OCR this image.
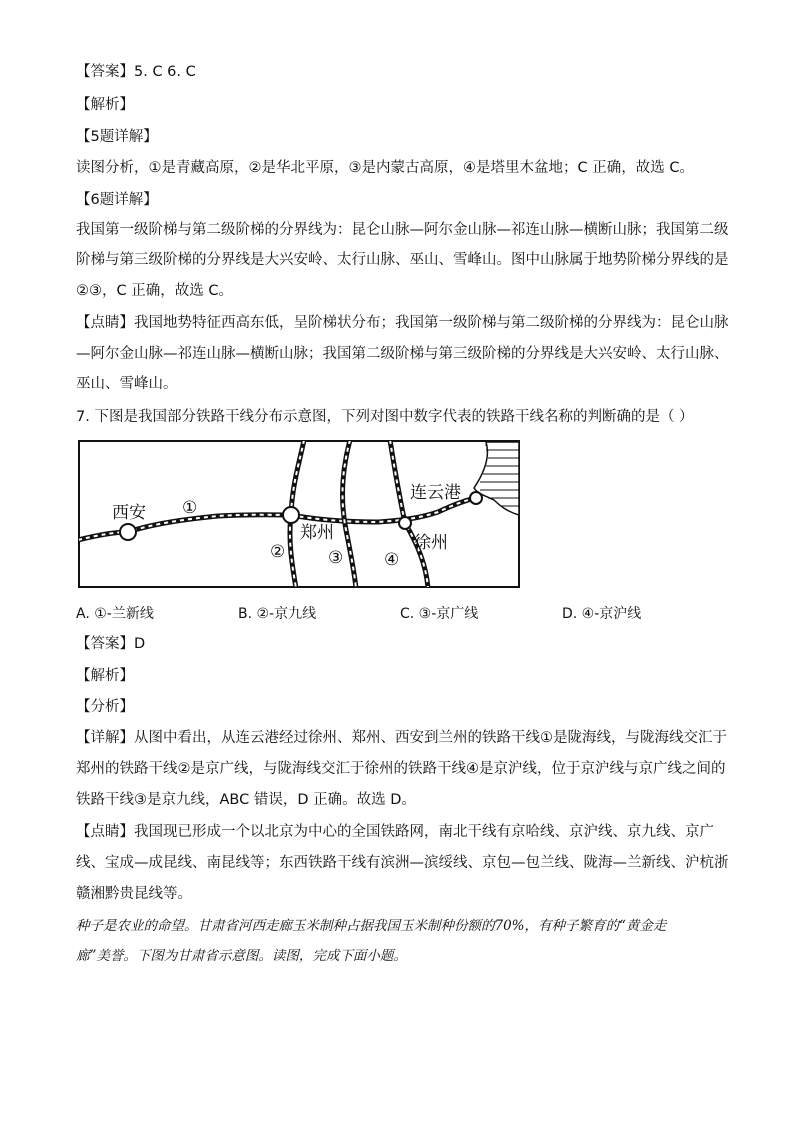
【答案】5. C 6. C
【解析】
【5题详解】
读图分析，①是青藏高原，②是华北平原，③是内蒙古高原，④是塔里木盆地；C 正确，故选 C。
【6题详解】
我国第一级阶梯与第二级阶梯的分界线为：昆仑山脉—阿尔金山脉—祁连山脉—横断山脉；我国第二级
阶梯与第三级阶梯的分界线是大兴安岭、太行山脉、巫山、雪峰山。图中山脉属于地势阶梯分界线的是
②③，C 正确，故选 C。
【点睛】我国地势特征西高东低，呈阶梯状分布；我国第一级阶梯与第二级阶梯的分界线为：昆仑山脉
—阿尔金山脉—祁连山脉—横断山脉；我国第二级阶梯与第三级阶梯的分界线是大兴安岭、太行山脉、
巫山、雪峰山。
7. 下图是我国部分铁路干线分布示意图，下列对图中数字代表的铁路干线名称的判断确的是（ ）
西安
郑州	徐州
连云港
①
②	③ ④
A. ①-兰新线	B. ②-京九线	C. ③-京广线	D. ④-京沪线
【答案】D
【解析】
【分析】
【详解】从图中看出，从连云港经过徐州、郑州、西安到兰州的铁路干线①是陇海线，与陇海线交汇于
郑州的铁路干线②是京广线，与陇海线交汇于徐州的铁路干线④是京沪线，位于京沪线与京广线之间的
铁路干线③是京九线，ABC 错误，D 正确。故选 D。
【点睛】我国现已形成一个以北京为中心的全国铁路网，南北干线有京哈线、京沪线、京九线、京广
线、宝成—成昆线、南昆线等；东西铁路干线有滨洲—滨绥线、京包—包兰线、陇海—兰新线、沪杭浙
赣湘黔贵昆线等。
种子是农业的命望。甘肃省河西走廊玉米制种占据我国玉米制种份额的70%，有种子繁育的“黄金走
廊”美誉。下图为甘肃省示意图。读图，完成下面小题。
